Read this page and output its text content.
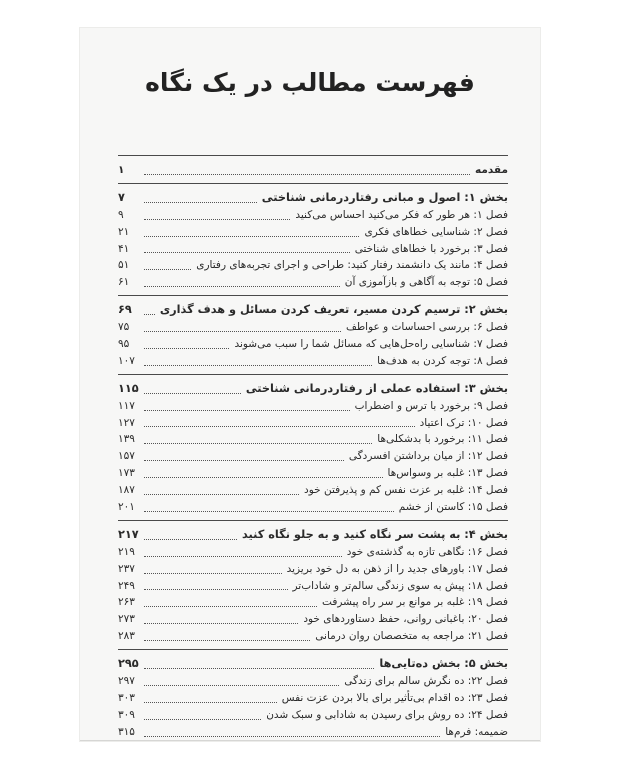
فهرست مطالب در یک نگاه
مقدمه
۱
بخش ۱: اصول و مبانی رفتاردرمانی شناختی
۷
فصل ۱: هر طور که فکر می‌کنید احساس می‌کنید
۹
فصل ۲: شناسایی خطاهای فکری
۲۱
فصل ۳: برخورد با خطاهای شناختی
۴۱
فصل ۴: مانند یک دانشمند رفتار کنید: طراحی و اجرای تجربه‌های رفتاری
۵۱
فصل ۵: توجه به آگاهی و بازآموزی آن
۶۱
بخش ۲: ترسیم کردن مسیر، تعریف کردن مسائل و هدف گذاری
۶۹
فصل ۶: بررسی احساسات و عواطف
۷۵
فصل ۷: شناسایی راه‌حل‌هایی که مسائل شما را سبب می‌شوند
۹۵
فصل ۸: توجه کردن به هدف‌ها
۱۰۷
بخش ۳: استفاده عملی از رفتاردرمانی شناختی
۱۱۵
فصل ۹: برخورد با ترس و اضطراب
۱۱۷
فصل ۱۰: ترک اعتیاد
۱۲۷
فصل ۱۱: برخورد با بدشکلی‌ها
۱۳۹
فصل ۱۲: از میان برداشتن افسردگی
۱۵۷
فصل ۱۳: غلبه بر وسواس‌ها
۱۷۳
فصل ۱۴: غلبه بر عزت نفس کم و پذیرفتن خود
۱۸۷
فصل ۱۵: کاستن از خشم
۲۰۱
بخش ۴: به پشت سر نگاه کنید و به جلو نگاه کنید
۲۱۷
فصل ۱۶: نگاهی تازه به گذشته‌ی خود
۲۱۹
فصل ۱۷: باورهای جدید را از ذهن به دل خود بریزید
۲۳۷
فصل ۱۸: پیش به سوی زندگی سالم‌تر و شاداب‌تر
۲۴۹
فصل ۱۹: غلبه بر موانع بر سر راه پیشرفت
۲۶۳
فصل ۲۰: باغبانی روانی، حفظ دستاوردهای خود
۲۷۳
فصل ۲۱: مراجعه به متخصصان روان درمانی
۲۸۳
بخش ۵: بخش ده‌تایی‌ها
۲۹۵
فصل ۲۲: ده نگرش سالم برای زندگی
۲۹۷
فصل ۲۳: ده اقدام بی‌تأثیر برای بالا بردن عزت نفس
۳۰۳
فصل ۲۴: ده روش برای رسیدن به شادابی و سبک شدن
۳۰۹
ضمیمه: فرم‌ها
۳۱۵
